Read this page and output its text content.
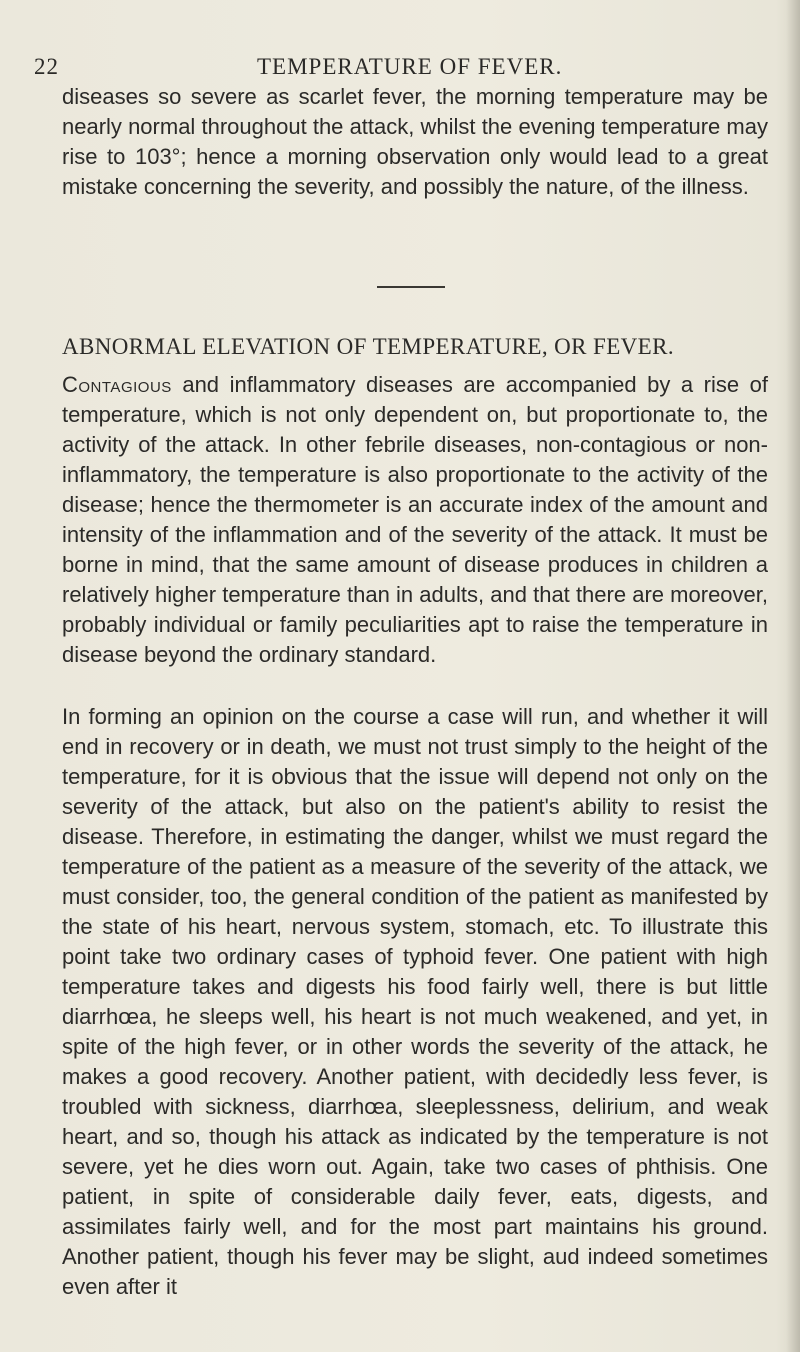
22	TEMPERATURE OF FEVER.
diseases so severe as scarlet fever, the morning temperature may be nearly normal throughout the attack, whilst the evening temperature may rise to 103°; hence a morning observation only would lead to a great mistake concerning the severity, and possibly the nature, of the illness.
ABNORMAL ELEVATION OF TEMPERATURE, OR FEVER.
Contagious and inflammatory diseases are accompanied by a rise of temperature, which is not only dependent on, but proportionate to, the activity of the attack. In other febrile diseases, non-contagious or non-inflammatory, the temperature is also proportionate to the activity of the disease; hence the thermometer is an accurate index of the amount and intensity of the inflammation and of the severity of the attack. It must be borne in mind, that the same amount of disease produces in children a relatively higher temperature than in adults, and that there are moreover, probably individual or family peculiarities apt to raise the temperature in disease beyond the ordinary standard.
In forming an opinion on the course a case will run, and whether it will end in recovery or in death, we must not trust simply to the height of the temperature, for it is obvious that the issue will depend not only on the severity of the attack, but also on the patient's ability to resist the disease. Therefore, in estimating the danger, whilst we must regard the temperature of the patient as a measure of the severity of the attack, we must consider, too, the general condition of the patient as manifested by the state of his heart, nervous system, stomach, etc. To illustrate this point take two ordinary cases of typhoid fever. One patient with high temperature takes and digests his food fairly well, there is but little diarrhœa, he sleeps well, his heart is not much weakened, and yet, in spite of the high fever, or in other words the severity of the attack, he makes a good recovery. Another patient, with decidedly less fever, is troubled with sickness, diarrhœa, sleeplessness, delirium, and weak heart, and so, though his attack as indicated by the temperature is not severe, yet he dies worn out. Again, take two cases of phthisis. One patient, in spite of considerable daily fever, eats, digests, and assimilates fairly well, and for the most part maintains his ground. Another patient, though his fever may be slight, aud indeed sometimes even after it
